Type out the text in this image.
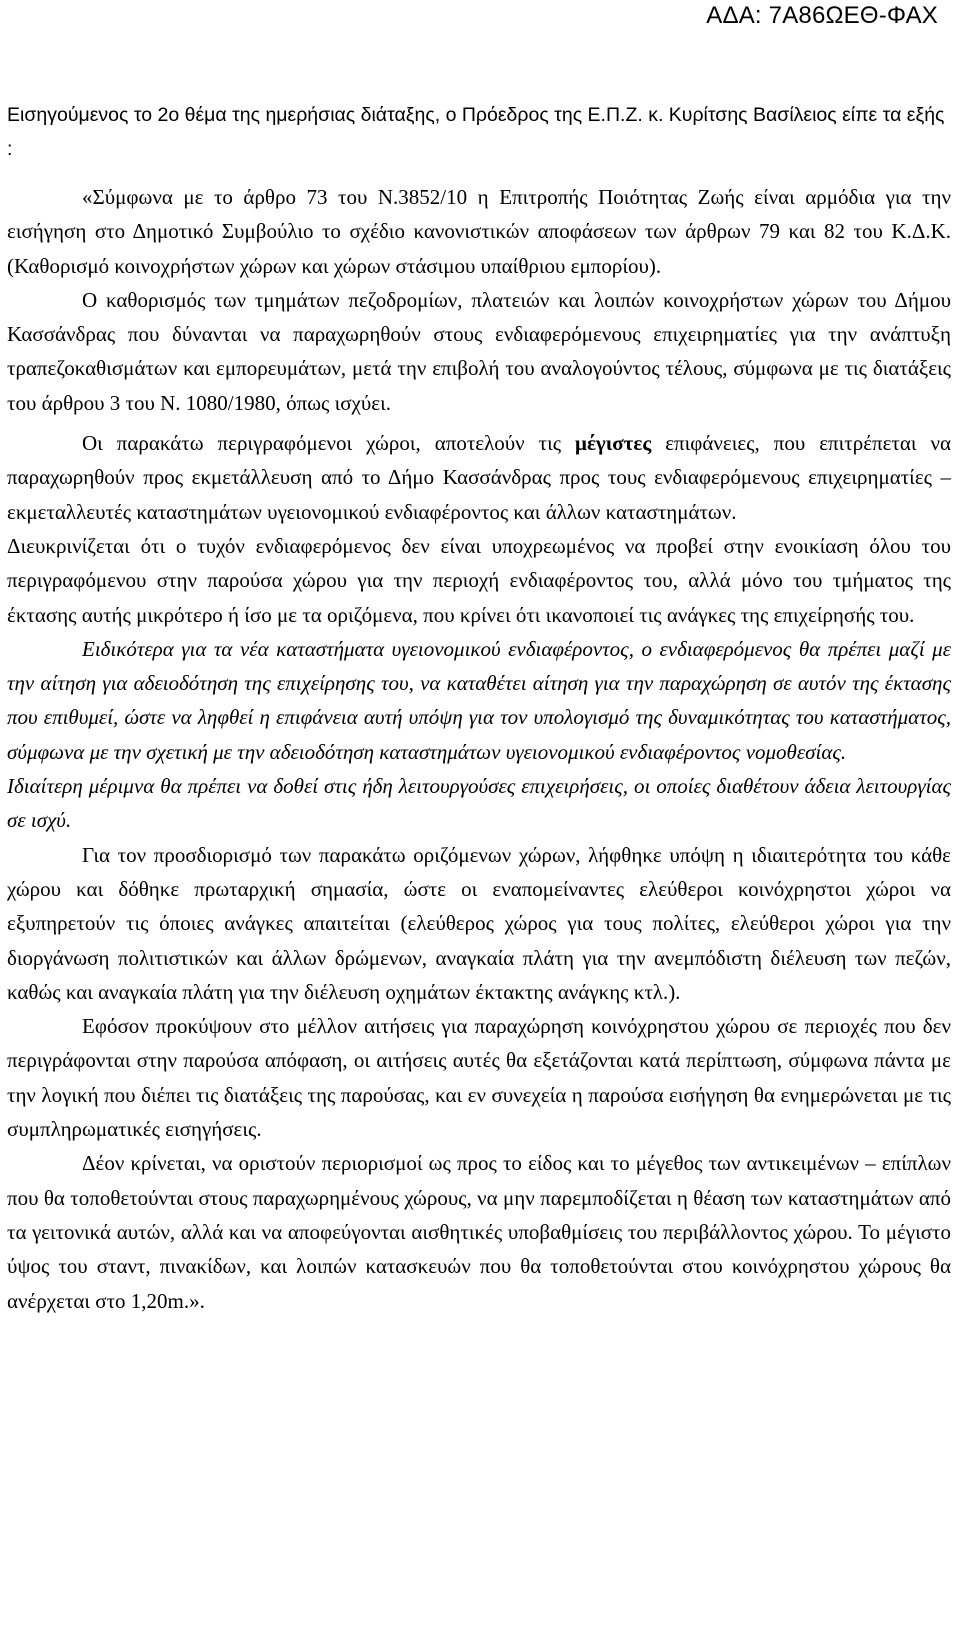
ΑΔΑ: 7Α86ΩΕΘ-ΦΑΧ

Εισηγούμενος το 2ο θέμα της ημερήσιας διάταξης, ο Πρόεδρος της Ε.Π.Ζ. κ. Κυρίτσης Βασίλειος είπε τα εξής :

«Σύμφωνα με το άρθρο 73 του Ν.3852/10 η Επιτροπής Ποιότητας Ζωής είναι αρμόδια για την εισήγηση στο Δημοτικό Συμβούλιο το σχέδιο κανονιστικών αποφάσεων των άρθρων 79 και 82 του Κ.Δ.Κ. (Καθορισμό κοινοχρήστων χώρων και χώρων στάσιμου υπαίθριου εμπορίου).

Ο καθορισμός των τμημάτων πεζοδρομίων, πλατειών και λοιπών κοινοχρήστων χώρων του Δήμου Κασσάνδρας που δύνανται να παραχωρηθούν στους ενδιαφερόμενους επιχειρηματίες για την ανάπτυξη τραπεζοκαθισμάτων και εμπορευμάτων, μετά την επιβολή του αναλογούντος τέλους, σύμφωνα με τις διατάξεις του άρθρου 3 του Ν. 1080/1980, όπως ισχύει.

Οι παρακάτω περιγραφόμενοι χώροι, αποτελούν τις μέγιστες επιφάνειες, που επιτρέπεται να παραχωρηθούν προς εκμετάλλευση από το Δήμο Κασσάνδρας προς τους ενδιαφερόμενους επιχειρηματίες – εκμεταλλευτές καταστημάτων υγειονομικού ενδιαφέροντος και άλλων καταστημάτων.

Διευκρινίζεται ότι ο τυχόν ενδιαφερόμενος δεν είναι υποχρεωμένος να προβεί στην ενοικίαση όλου του περιγραφόμενου στην παρούσα χώρου για την περιοχή ενδιαφέροντος του, αλλά μόνο του τμήματος της έκτασης αυτής μικρότερο ή ίσο με τα οριζόμενα, που κρίνει ότι ικανοποιεί τις ανάγκες της επιχείρησής του.

Ειδικότερα για τα νέα καταστήματα υγειονομικού ενδιαφέροντος, ο ενδιαφερόμενος θα πρέπει μαζί με την αίτηση για αδειοδότηση της επιχείρησης του, να καταθέτει αίτηση για την παραχώρηση σε αυτόν της έκτασης που επιθυμεί, ώστε να ληφθεί η επιφάνεια αυτή υπόψη για τον υπολογισμό της δυναμικότητας του καταστήματος, σύμφωνα με την σχετική με την αδειοδότηση καταστημάτων υγειονομικού ενδιαφέροντος νομοθεσίας.

Ιδιαίτερη μέριμνα θα πρέπει να δοθεί στις ήδη λειτουργούσες επιχειρήσεις, οι οποίες διαθέτουν άδεια λειτουργίας σε ισχύ.

Για τον προσδιορισμό των παρακάτω οριζόμενων χώρων, λήφθηκε υπόψη η ιδιαιτερότητα του κάθε χώρου και δόθηκε πρωταρχική σημασία, ώστε οι εναπομείναντες ελεύθεροι κοινόχρηστοι χώροι να εξυπηρετούν τις όποιες ανάγκες απαιτείται (ελεύθερος χώρος για τους πολίτες, ελεύθεροι χώροι για την διοργάνωση πολιτιστικών και άλλων δρώμενων, αναγκαία πλάτη για την ανεμπόδιστη διέλευση των πεζών, καθώς και αναγκαία πλάτη για την διέλευση οχημάτων έκτακτης ανάγκης κτλ.).

Εφόσον προκύψουν στο μέλλον αιτήσεις για παραχώρηση κοινόχρηστου χώρου σε περιοχές που δεν περιγράφονται στην παρούσα απόφαση, οι αιτήσεις αυτές θα εξετάζονται κατά περίπτωση, σύμφωνα πάντα με την λογική που διέπει τις διατάξεις της παρούσας, και εν συνεχεία η παρούσα εισήγηση θα ενημερώνεται με τις συμπληρωματικές εισηγήσεις.

Δέον κρίνεται, να οριστούν περιορισμοί ως προς το είδος και το μέγεθος των αντικειμένων – επίπλων που θα τοποθετούνται στους παραχωρημένους χώρους, να μην παρεμποδίζεται η θέαση των καταστημάτων από τα γειτονικά αυτών, αλλά και να αποφεύγονται αισθητικές υποβαθμίσεις του περιβάλλοντος χώρου. Το μέγιστο ύψος του σταντ, πινακίδων, και λοιπών κατασκευών που θα τοποθετούνται στου κοινόχρηστου χώρους θα ανέρχεται στο 1,20m.».
